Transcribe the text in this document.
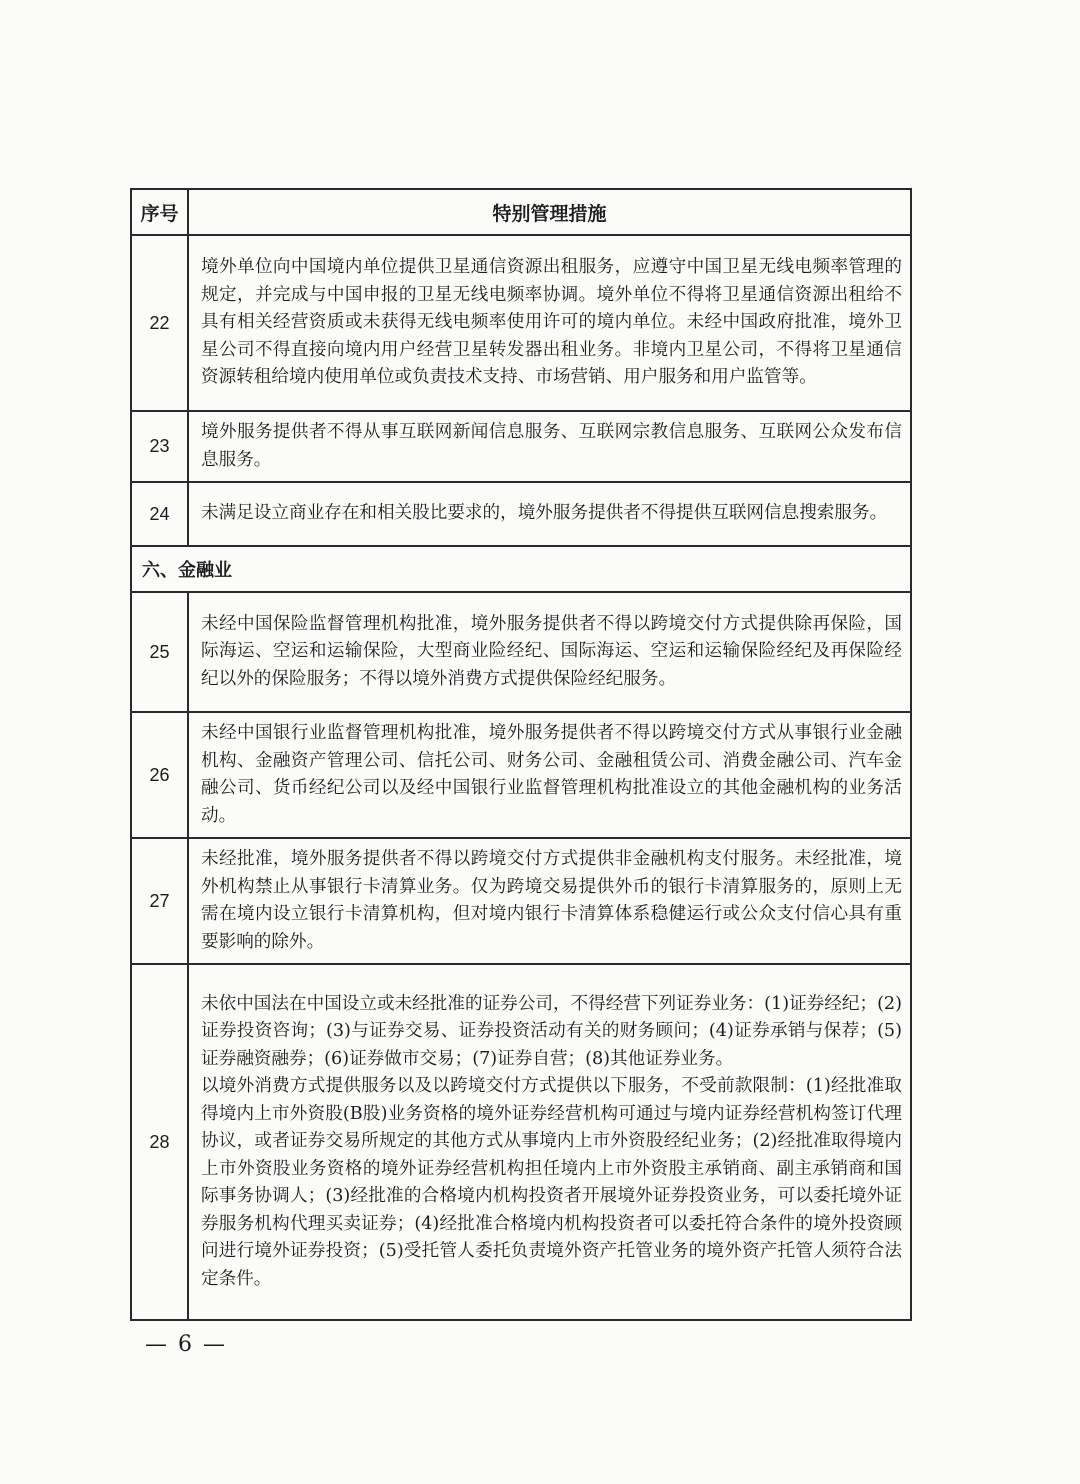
序号	特别管理措施
22	境外单位向中国境内单位提供卫星通信资源出租服务，应遵守中国卫星无线电频率管理的规定，并完成与中国申报的卫星无线电频率协调。境外单位不得将卫星通信资源出租给不具有相关经营资质或未获得无线电频率使用许可的境内单位。未经中国政府批准，境外卫星公司不得直接向境内用户经营卫星转发器出租业务。非境内卫星公司，不得将卫星通信资源转租给境内使用单位或负责技术支持、市场营销、用户服务和用户监管等。
23	境外服务提供者不得从事互联网新闻信息服务、互联网宗教信息服务、互联网公众发布信息服务。
24	未满足设立商业存在和相关股比要求的，境外服务提供者不得提供互联网信息搜索服务。
六、金融业	
25	未经中国保险监督管理机构批准，境外服务提供者不得以跨境交付方式提供除再保险，国际海运、空运和运输保险，大型商业险经纪、国际海运、空运和运输保险经纪及再保险经纪以外的保险服务；不得以境外消费方式提供保险经纪服务。
26	未经中国银行业监督管理机构批准，境外服务提供者不得以跨境交付方式从事银行业金融机构、金融资产管理公司、信托公司、财务公司、金融租赁公司、消费金融公司、汽车金融公司、货币经纪公司以及经中国银行业监督管理机构批准设立的其他金融机构的业务活动。
27	未经批准，境外服务提供者不得以跨境交付方式提供非金融机构支付服务。未经批准，境外机构禁止从事银行卡清算业务。仅为跨境交易提供外币的银行卡清算服务的，原则上无需在境内设立银行卡清算机构，但对境内银行卡清算体系稳健运行或公众支付信心具有重要影响的除外。
28	未依中国法在中国设立或未经批准的证券公司，不得经营下列证券业务：(1)证券经纪；(2)证券投资咨询；(3)与证券交易、证券投资活动有关的财务顾问；(4)证券承销与保荐；(5)证券融资融券；(6)证券做市交易；(7)证券自营；(8)其他证券业务。
以境外消费方式提供服务以及以跨境交付方式提供以下服务，不受前款限制：(1)经批准取得境内上市外资股(B股)业务资格的境外证券经营机构可通过与境内证券经营机构签订代理协议，或者证券交易所规定的其他方式从事境内上市外资股经纪业务；(2)经批准取得境内上市外资股业务资格的境外证券经营机构担任境内上市外资股主承销商、副主承销商和国际事务协调人；(3)经批准的合格境内机构投资者开展境外证券投资业务，可以委托境外证券服务机构代理买卖证券；(4)经批准合格境内机构投资者可以委托符合条件的境外投资顾问进行境外证券投资；(5)受托管人委托负责境外资产托管业务的境外资产托管人须符合法定条件。
— 6 —
